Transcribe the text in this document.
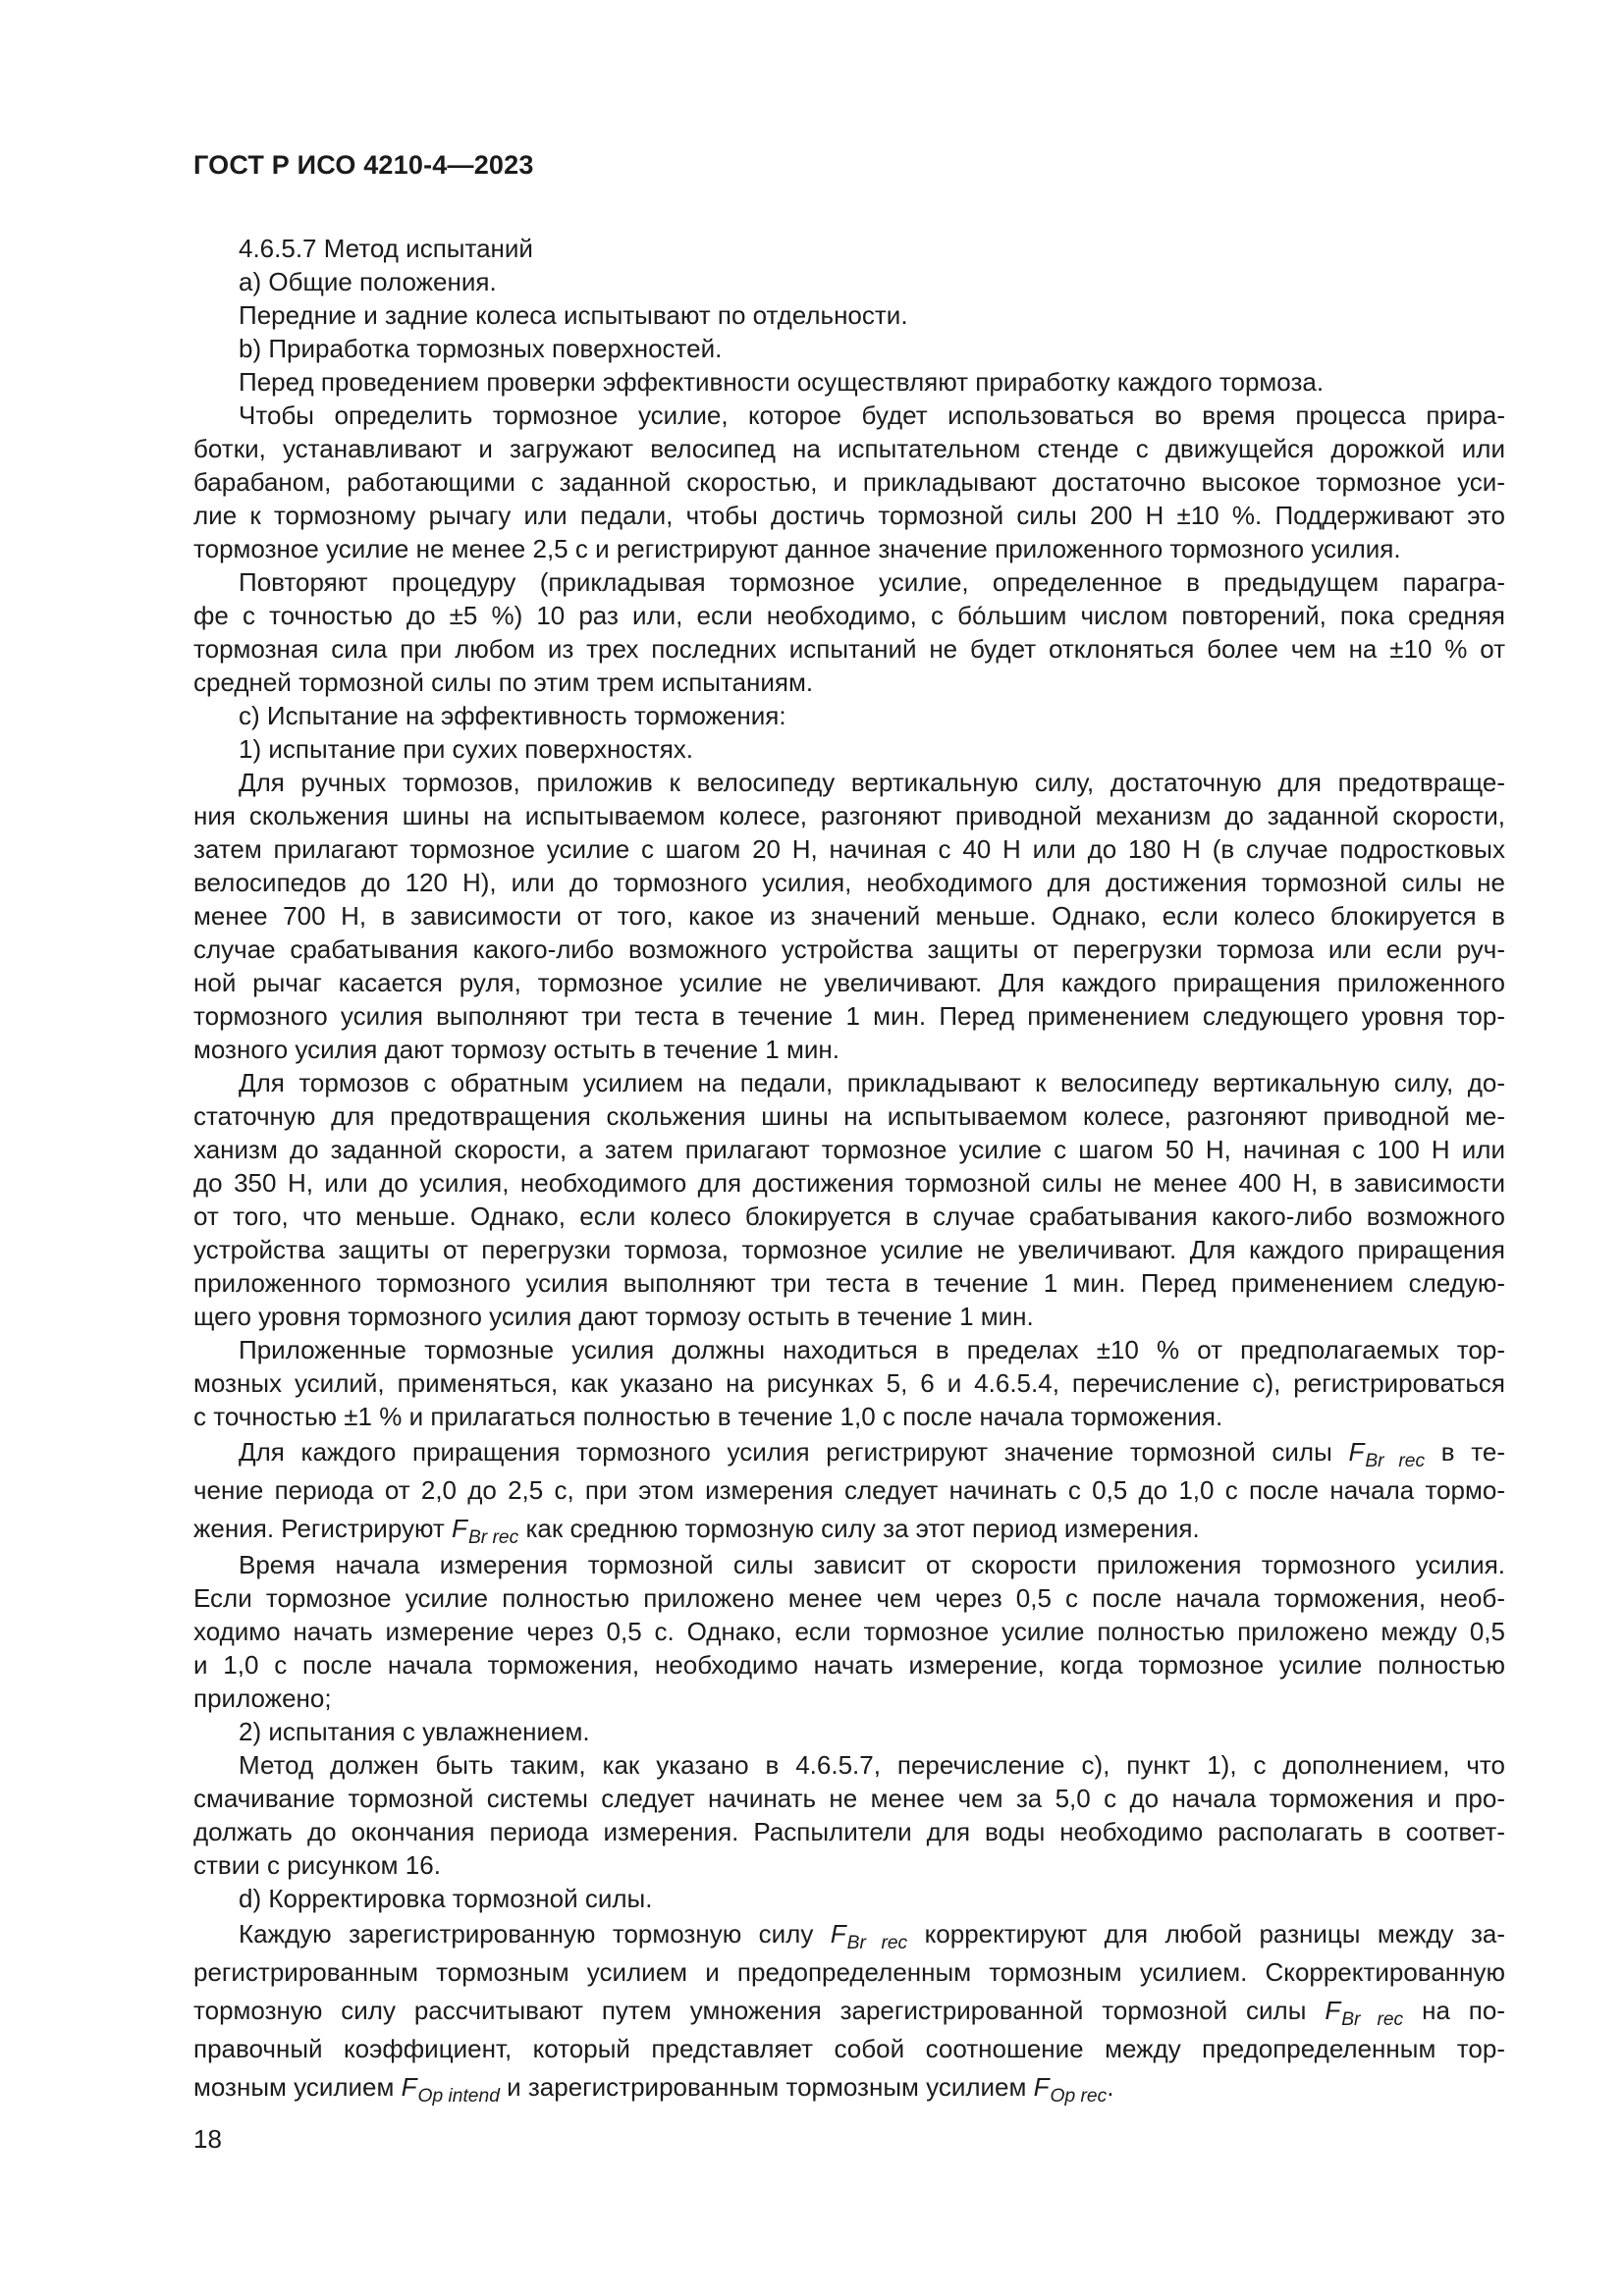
ГОСТ Р ИСО 4210-4—2023
4.6.5.7 Метод испытаний
а) Общие положения.
Передние и задние колеса испытывают по отдельности.
b) Приработка тормозных поверхностей.
Перед проведением проверки эффективности осуществляют приработку каждого тормоза.
Чтобы определить тормозное усилие, которое будет использоваться во время процесса прира-
ботки, устанавливают и загружают велосипед на испытательном стенде с движущейся дорожкой или
барабаном, работающими с заданной скоростью, и прикладывают достаточно высокое тормозное уси-
лие к тормозному рычагу или педали, чтобы достичь тормозной силы 200 Н ±10 %. Поддерживают это
тормозное усилие не менее 2,5 с и регистрируют данное значение приложенного тормозного усилия.
Повторяют процедуру (прикладывая тормозное усилие, определенное в предыдущем парагра-
фе с точностью до ±5 %) 10 раз или, если необходимо, с бо́льшим числом повторений, пока средняя
тормозная сила при любом из трех последних испытаний не будет отклоняться более чем на ±10 % от
средней тормозной силы по этим трем испытаниям.
с) Испытание на эффективность торможения:
1) испытание при сухих поверхностях.
Для ручных тормозов, приложив к велосипеду вертикальную силу, достаточную для предотвраще-
ния скольжения шины на испытываемом колесе, разгоняют приводной механизм до заданной скорости,
затем прилагают тормозное усилие с шагом 20 Н, начиная с 40 Н или до 180 Н (в случае подростковых
велосипедов до 120 Н), или до тормозного усилия, необходимого для достижения тормозной силы не
менее 700 Н, в зависимости от того, какое из значений меньше. Однако, если колесо блокируется в
случае срабатывания какого-либо возможного устройства защиты от перегрузки тормоза или если руч-
ной рычаг касается руля, тормозное усилие не увеличивают. Для каждого приращения приложенного
тормозного усилия выполняют три теста в течение 1 мин. Перед применением следующего уровня тор-
мозного усилия дают тормозу остыть в течение 1 мин.
Для тормозов с обратным усилием на педали, прикладывают к велосипеду вертикальную силу, до-
статочную для предотвращения скольжения шины на испытываемом колесе, разгоняют приводной ме-
ханизм до заданной скорости, а затем прилагают тормозное усилие с шагом 50 Н, начиная с 100 Н или
до 350 Н, или до усилия, необходимого для достижения тормозной силы не менее 400 Н, в зависимости
от того, что меньше. Однако, если колесо блокируется в случае срабатывания какого-либо возможного
устройства защиты от перегрузки тормоза, тормозное усилие не увеличивают. Для каждого приращения
приложенного тормозного усилия выполняют три теста в течение 1 мин. Перед применением следую-
щего уровня тормозного усилия дают тормозу остыть в течение 1 мин.
Приложенные тормозные усилия должны находиться в пределах ±10 % от предполагаемых тор-
мозных усилий, применяться, как указано на рисунках 5, 6 и 4.6.5.4, перечисление с), регистрироваться
с точностью ±1 % и прилагаться полностью в течение 1,0 с после начала торможения.
Для каждого приращения тормозного усилия регистрируют значение тормозной силы $F_{Br rec}$ в те-
чение периода от 2,0 до 2,5 с, при этом измерения следует начинать с 0,5 до 1,0 с после начала тормо-
жения. Регистрируют $F_{Br rec}$ как среднюю тормозную силу за этот период измерения.
Время начала измерения тормозной силы зависит от скорости приложения тормозного усилия.
Если тормозное усилие полностью приложено менее чем через 0,5 с после начала торможения, необ-
ходимо начать измерение через 0,5 с. Однако, если тормозное усилие полностью приложено между 0,5
и 1,0 с после начала торможения, необходимо начать измерение, когда тормозное усилие полностью
приложено;
2) испытания с увлажнением.
Метод должен быть таким, как указано в 4.6.5.7, перечисление с), пункт 1), с дополнением, что
смачивание тормозной системы следует начинать не менее чем за 5,0 с до начала торможения и про-
должать до окончания периода измерения. Распылители для воды необходимо располагать в соответ-
ствии с рисунком 16.
d) Корректировка тормозной силы.
Каждую зарегистрированную тормозную силу $F_{Br rec}$ корректируют для любой разницы между за-
регистрированным тормозным усилием и предопределенным тормозным усилием. Скорректированную
тормозную силу рассчитывают путем умножения зарегистрированной тормозной силы $F_{Br rec}$ на по-
правочный коэффициент, который представляет собой соотношение между предопределенным тор-
мозным усилием $F_{Op intend}$ и зарегистрированным тормозным усилием $F_{Op rec}$.
18
